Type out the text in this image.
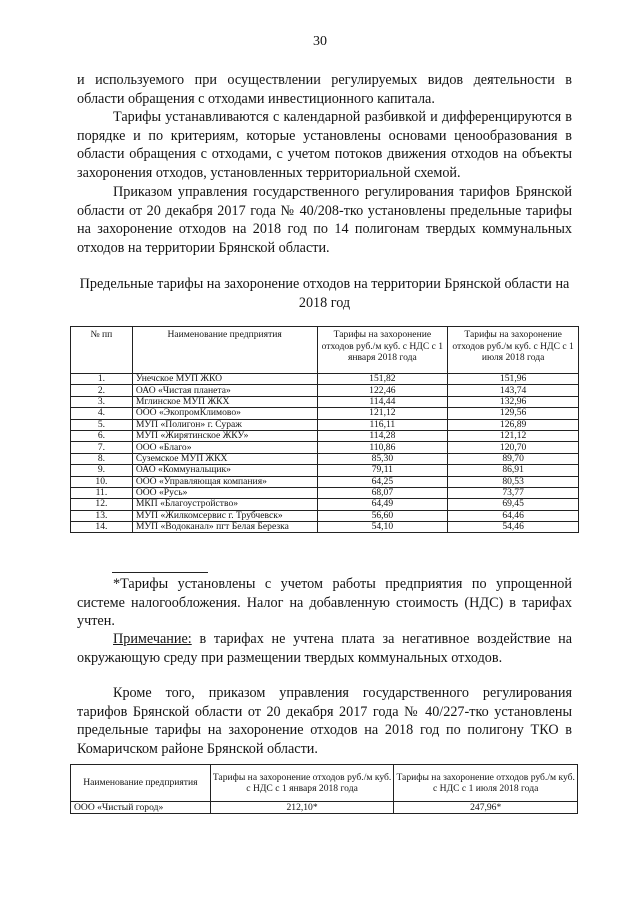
30

и используемого при осуществлении регулируемых видов деятельности в области обращения с отходами инвестиционного капитала.

Тарифы устанавливаются с календарной разбивкой и дифференцируются в порядке и по критериям, которые установлены основами ценообразования в области обращения с отходами, с учетом потоков движения отходов на объекты захоронения отходов, установленных территориальной схемой.

Приказом управления государственного регулирования тарифов Брянской области от 20 декабря 2017 года № 40/208-тко установлены предельные тарифы на захоронение отходов на 2018 год по 14 полигонам твердых коммунальных отходов на территории Брянской области.

Предельные тарифы на захоронение отходов на территории Брянской области на 2018 год
№ пп	Наименование предприятия	Тарифы на захоронение отходов руб./м куб. с НДС с 1 января 2018 года	Тарифы на захоронение отходов руб./м куб. с НДС с 1 июля 2018 года
1.	Унечское МУП ЖКО	151,82	151,96
2.	ОАО «Чистая планета»	122,46	143,74
3.	Мглинское МУП ЖКХ	114,44	132,96
4.	ООО «ЭкопромКлимово»	121,12	129,56
5.	МУП «Полигон» г. Сураж	116,11	126,89
6.	МУП «Жирятинское ЖКУ»	114,28	121,12
7.	ООО «Благо»	110,86	120,70
8.	Суземское МУП ЖКХ	85,30	89,70
9.	ОАО «Коммунальщик»	79,11	86,91
10.	ООО «Управляющая компания»	64,25	80,53
11.	ООО «Русь»	68,07	73,77
12.	МКП «Благоустройство»	64,49	69,45
13.	МУП «Жилкомсервис г. Трубчевск»	56,60	64,46
14.	МУП «Водоканал» пгт Белая Березка	54,10	54,46

*Тарифы установлены с учетом работы предприятия по упрощенной системе налогообложения. Налог на добавленную стоимость (НДС) в тарифах учтен.

Примечание: в тарифах не учтена плата за негативное воздействие на окружающую среду при размещении твердых коммунальных отходов.

Кроме того, приказом управления государственного регулирования тарифов Брянской области от 20 декабря 2017 года № 40/227-тко установлены предельные тарифы на захоронение отходов на 2018 год по полигону ТКО в Комаричском районе Брянской области.

Наименование предприятия	Тарифы на захоронение отходов руб./м куб. с НДС с 1 января 2018 года	Тарифы на захоронение отходов руб./м куб. с НДС с 1 июля 2018 года
ООО «Чистый город»	212,10*	247,96*
